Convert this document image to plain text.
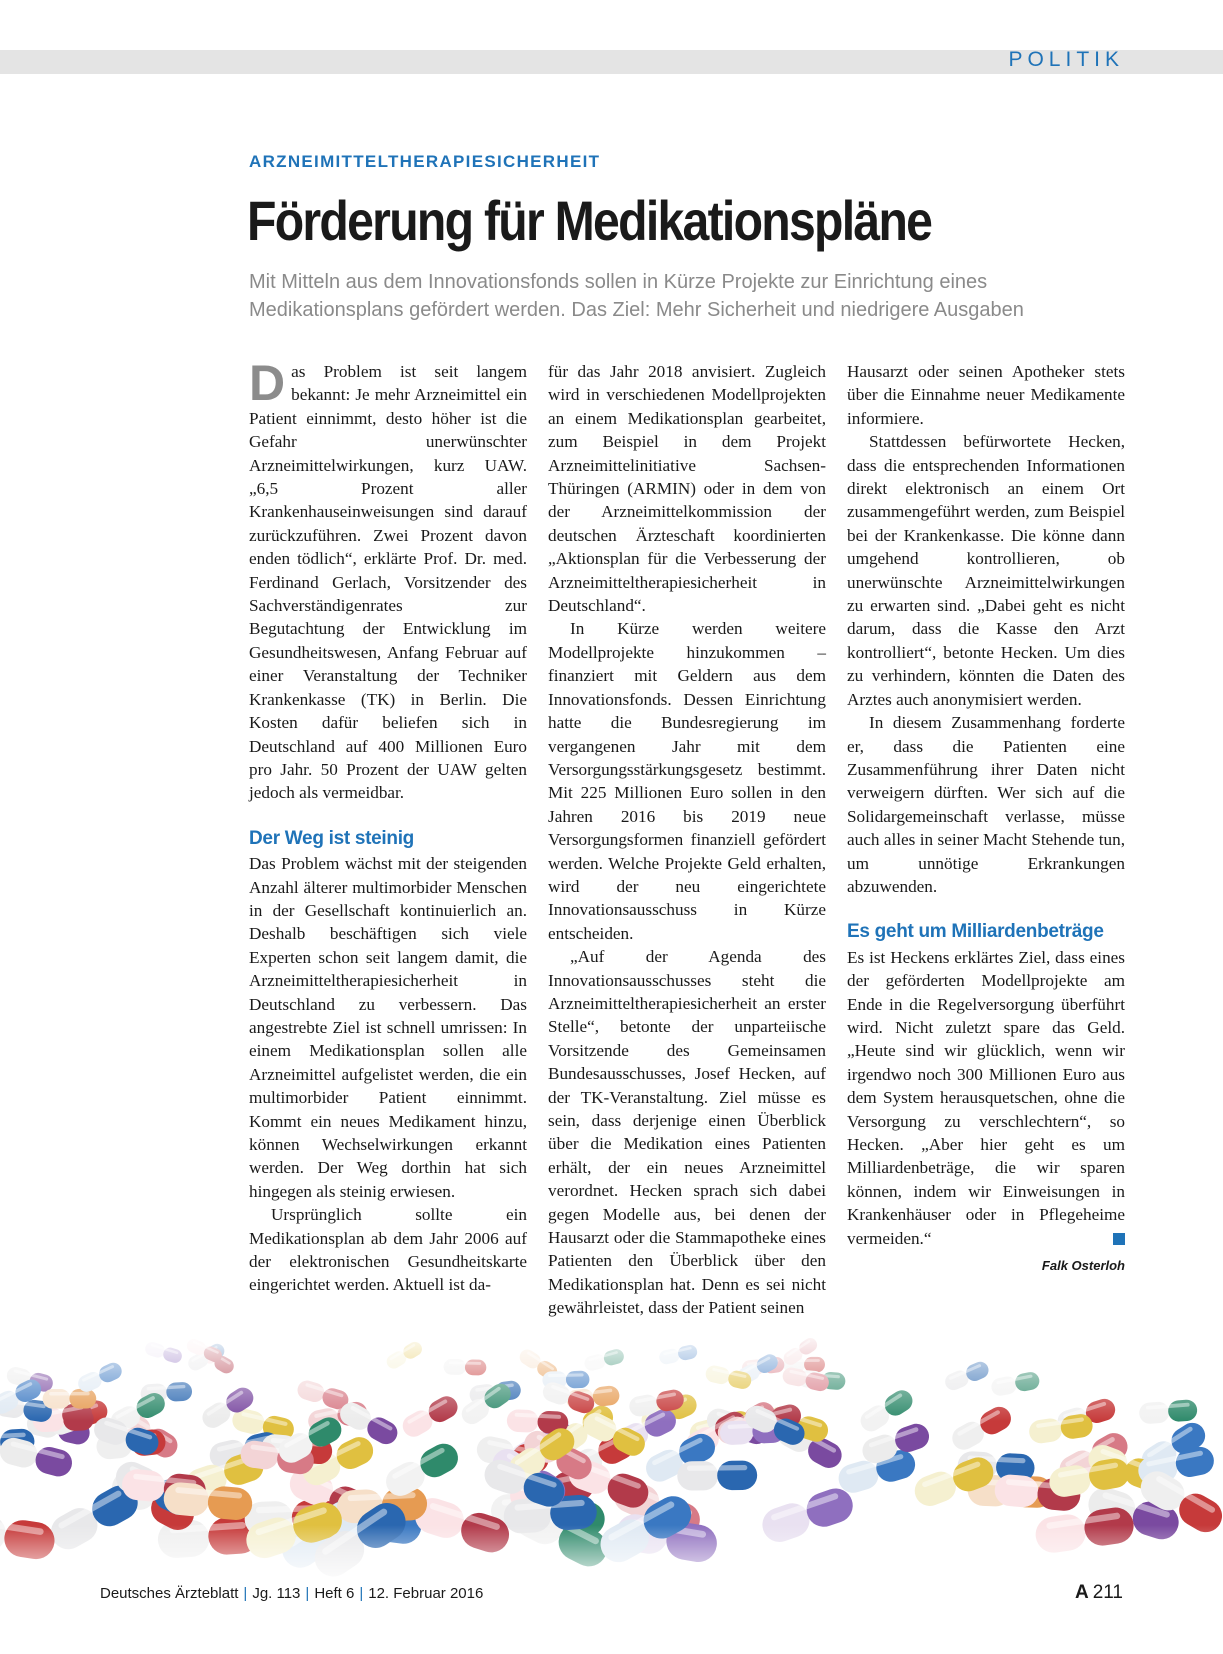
POLITIK
ARZNEIMITTELTHERAPIESICHERHEIT
Förderung für Medikationspläne
Mit Mitteln aus dem Innovationsfonds sollen in Kürze Projekte zur Einrichtung eines Medikationsplans gefördert werden. Das Ziel: Mehr Sicherheit und niedrigere Ausgaben

Das Problem ist seit langem bekannt: Je mehr Arzneimittel ein Patient einnimmt, desto höher ist die Gefahr unerwünschter Arzneimittelwirkungen, kurz UAW. „6,5 Prozent aller Krankenhauseinweisungen sind darauf zurückzuführen. Zwei Prozent davon enden tödlich“, erklärte Prof. Dr. med. Ferdinand Gerlach, Vorsitzender des Sachverständigenrates zur Begutachtung der Entwicklung im Gesundheitswesen, Anfang Februar auf einer Veranstaltung der Techniker Krankenkasse (TK) in Berlin. Die Kosten dafür beliefen sich in Deutschland auf 400 Millionen Euro pro Jahr. 50 Prozent der UAW gelten jedoch als vermeidbar.

Der Weg ist steinig

Das Problem wächst mit der steigenden Anzahl älterer multimorbider Menschen in der Gesellschaft kontinuierlich an. Deshalb beschäftigen sich viele Experten schon seit langem damit, die Arzneimitteltherapiesicherheit in Deutschland zu verbessern. Das angestrebte Ziel ist schnell umrissen: In einem Medikationsplan sollen alle Arzneimittel aufgelistet werden, die ein multimorbider Patient einnimmt. Kommt ein neues Medikament hinzu, können Wechselwirkungen erkannt werden. Der Weg dorthin hat sich hingegen als steinig erwiesen.

Ursprünglich sollte ein Medikationsplan ab dem Jahr 2006 auf der elektronischen Gesundheitskarte eingerichtet werden. Aktuell ist da-

für das Jahr 2018 anvisiert. Zugleich wird in verschiedenen Modellprojekten an einem Medikationsplan gearbeitet, zum Beispiel in dem Projekt Arzneimittelinitiative Sachsen-Thüringen (ARMIN) oder in dem von der Arzneimittelkommission der deutschen Ärzteschaft koordinierten „Aktionsplan für die Verbesserung der Arzneimitteltherapiesicherheit in Deutschland“.

In Kürze werden weitere Modellprojekte hinzukommen – finanziert mit Geldern aus dem Innovationsfonds. Dessen Einrichtung hatte die Bundesregierung im vergangenen Jahr mit dem Versorgungsstärkungsgesetz bestimmt. Mit 225 Millionen Euro sollen in den Jahren 2016 bis 2019 neue Versorgungsformen finanziell gefördert werden. Welche Projekte Geld erhalten, wird der neu eingerichtete Innovationsausschuss in Kürze entscheiden.

„Auf der Agenda des Innovationsausschusses steht die Arzneimitteltherapiesicherheit an erster Stelle“, betonte der unparteiische Vorsitzende des Gemeinsamen Bundesausschusses, Josef Hecken, auf der TK-Veranstaltung. Ziel müsse es sein, dass derjenige einen Überblick über die Medikation eines Patienten erhält, der ein neues Arzneimittel verordnet. Hecken sprach sich dabei gegen Modelle aus, bei denen der Hausarzt oder die Stammapotheke eines Patienten den Überblick über den Medikationsplan hat. Denn es sei nicht gewährleistet, dass der Patient seinen

Hausarzt oder seinen Apotheker stets über die Einnahme neuer Medikamente informiere.

Stattdessen befürwortete Hecken, dass die entsprechenden Informationen direkt elektronisch an einem Ort zusammengeführt werden, zum Beispiel bei der Krankenkasse. Die könne dann umgehend kontrollieren, ob unerwünschte Arzneimittelwirkungen zu erwarten sind. „Dabei geht es nicht darum, dass die Kasse den Arzt kontrolliert“, betonte Hecken. Um dies zu verhindern, könnten die Daten des Arztes auch anonymisiert werden.

In diesem Zusammenhang forderte er, dass die Patienten eine Zusammenführung ihrer Daten nicht verweigern dürften. Wer sich auf die Solidargemeinschaft verlasse, müsse auch alles in seiner Macht Stehende tun, um unnötige Erkrankungen abzuwenden.

Es geht um Milliardenbeträge

Es ist Heckens erklärtes Ziel, dass eines der geförderten Modellprojekte am Ende in die Regelversorgung überführt wird. Nicht zuletzt spare das Geld. „Heute sind wir glücklich, wenn wir irgendwo noch 300 Millionen Euro aus dem System herausquetschen, ohne die Versorgung zu verschlechtern“, so Hecken. „Aber hier geht es um Milliardenbeträge, die wir sparen können, indem wir Einweisungen in Krankenhäuser oder in Pflegeheime vermeiden.“

Falk Osterloh
Deutsches Ärzteblatt | Jg. 113 | Heft 6 | 12. Februar 2016	A 211
